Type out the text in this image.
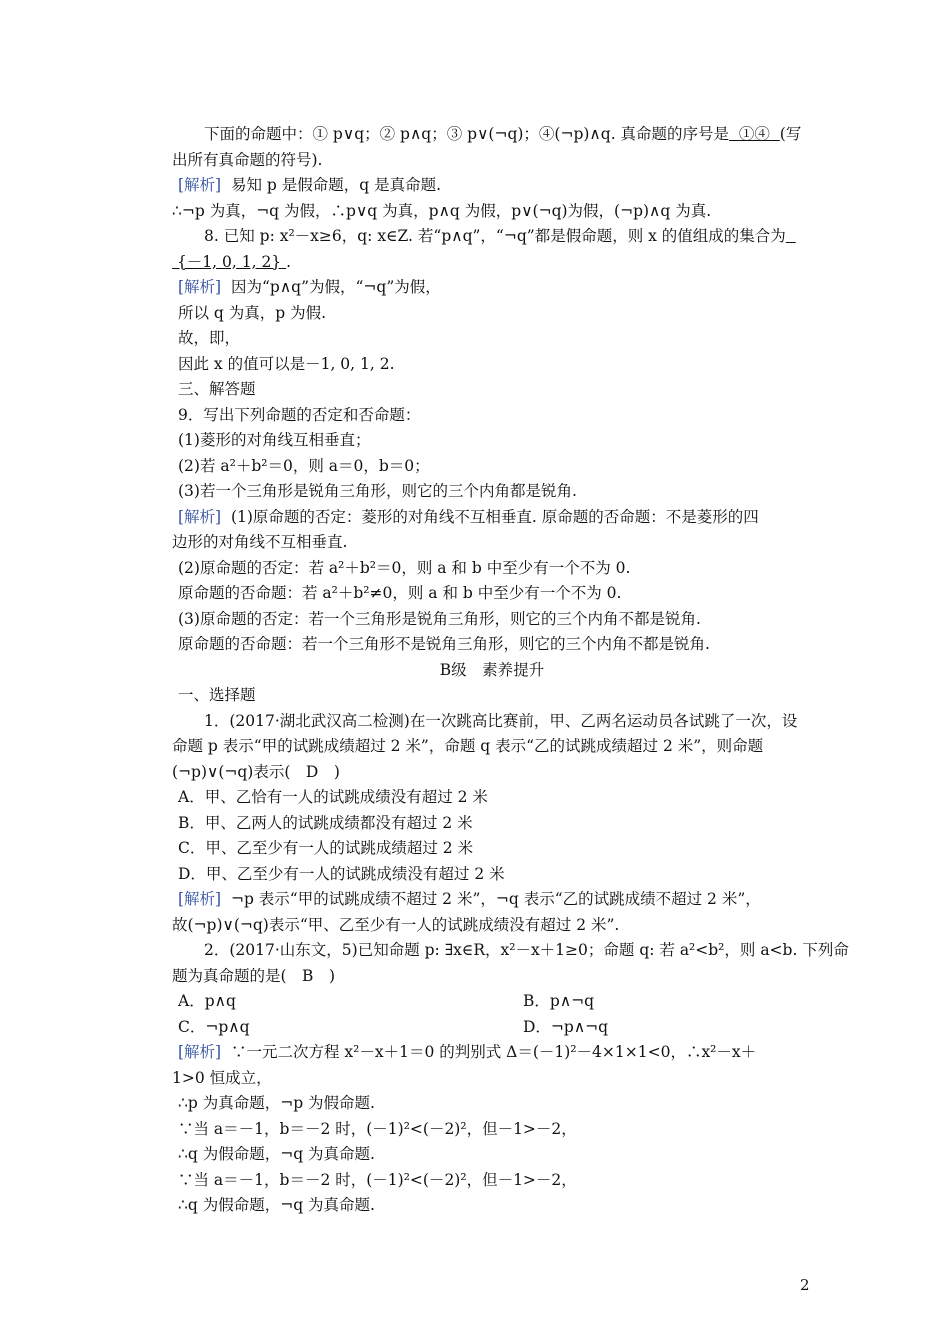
下面的命题中：① p∨q；② p∧q；③ p∨(¬q)；④(¬p)∧q. 真命题的序号是 ①④ (写
出所有真命题的符号).
[解析] 易知 p 是假命题，q 是真命题.
∴¬p 为真，¬q 为假，∴p∨q 为真，p∧q 为假，p∨(¬q)为假，(¬p)∧q 为真.
8. 已知 p: x²－x≥6，q: x∈Z. 若“p∧q”，“¬q”都是假命题，则 x 的值组成的集合为
{－1, 0, 1, 2} .
[解析] 因为“p∧q”为假，“¬q”为假，
所以 q 为真，p 为假.
故，即，
因此 x 的值可以是－1, 0, 1, 2.
三、解答题
9．写出下列命题的否定和否命题：
(1)菱形的对角线互相垂直；
(2)若 a²＋b²＝0，则 a＝0，b＝0；
(3)若一个三角形是锐角三角形，则它的三个内角都是锐角.
[解析] (1)原命题的否定：菱形的对角线不互相垂直. 原命题的否命题：不是菱形的四
边形的对角线不互相垂直.
(2)原命题的否定：若 a²＋b²＝0，则 a 和 b 中至少有一个不为 0.
原命题的否命题：若 a²＋b²≠0，则 a 和 b 中至少有一个不为 0.
(3)原命题的否定：若一个三角形是锐角三角形，则它的三个内角不都是锐角.
原命题的否命题：若一个三角形不是锐角三角形，则它的三个内角不都是锐角.
B级　素养提升
一、选择题
1．(2017·湖北武汉高二检测)在一次跳高比赛前，甲、乙两名运动员各试跳了一次，设
命题 p 表示“甲的试跳成绩超过 2 米”，命题 q 表示“乙的试跳成绩超过 2 米”，则命题
(¬p)∨(¬q)表示(　D　)
A．甲、乙恰有一人的试跳成绩没有超过 2 米
B．甲、乙两人的试跳成绩都没有超过 2 米
C．甲、乙至少有一人的试跳成绩超过 2 米
D．甲、乙至少有一人的试跳成绩没有超过 2 米
[解析] ¬p 表示“甲的试跳成绩不超过 2 米”，¬q 表示“乙的试跳成绩不超过 2 米”，
故(¬p)∨(¬q)表示“甲、乙至少有一人的试跳成绩没有超过 2 米”.
2．(2017·山东文，5)已知命题 p: ∃x∈R，x²－x＋1≥0；命题 q: 若 a²<b²，则 a<b. 下列命
题为真命题的是(　B　)
A．p∧q	B．p∧¬q
C．¬p∧q	D．¬p∧¬q
[解析] ∵一元二次方程 x²－x＋1＝0 的判别式 Δ＝(－1)²－4×1×1<0，∴x²－x＋
1>0 恒成立，
∴p 为真命题，¬p 为假命题.
∵当 a＝－1，b＝－2 时，(－1)²<(－2)²，但－1>－2，
∴q 为假命题，¬q 为真命题.
∵当 a＝－1，b＝－2 时，(－1)²<(－2)²，但－1>－2，
∴q 为假命题，¬q 为真命题.
2
